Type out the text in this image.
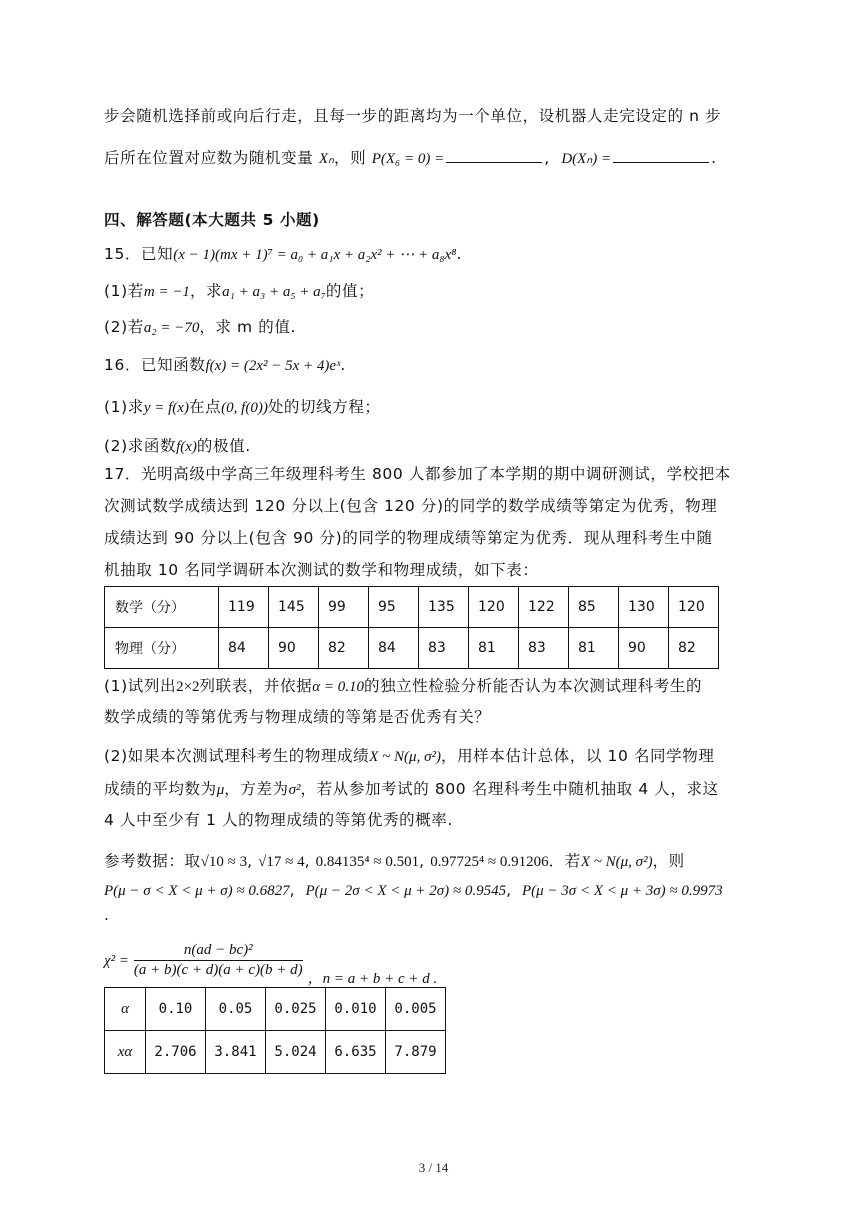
步会随机选择前或向后行走，且每一步的距离均为一个单位，设机器人走完设定的 n 步
后所在位置对应数为随机变量 Xₙ，则 P(X₆ = 0) =	, D(Xₙ) =	.
四、解答题(本大题共 5 小题)
15．已知(x − 1)(mx + 1)⁷ = a₀ + a₁x + a₂x² + ⋯ + a₈x⁸.
(1)若m = −1，求a₁ + a₃ + a₅ + a₇的值；
(2)若a₂ = −70，求 m 的值.
16．已知函数f(x) = (2x² − 5x + 4)eˣ.
(1)求y = f(x)在点(0, f(0))处的切线方程；
(2)求函数f(x)的极值.
17．光明高级中学高三年级理科考生 800 人都参加了本学期的期中调研测试，学校把本
次测试数学成绩达到 120 分以上(包含 120 分)的同学的数学成绩等第定为优秀，物理
成绩达到 90 分以上(包含 90 分)的同学的物理成绩等第定为优秀．现从理科考生中随
机抽取 10 名同学调研本次测试的数学和物理成绩，如下表：
数学（分）	119	145	99	95	135	120	122	85	130	120
物理（分）	84	90	82	84	83	81	83	81	90	82
(1)试列出2×2列联表，并依据α = 0.10的独立性检验分析能否认为本次测试理科考生的
数学成绩的等第优秀与物理成绩的等第是否优秀有关？
(2)如果本次测试理科考生的物理成绩X ~ N(μ, σ²)，用样本估计总体，以 10 名同学物理
成绩的平均数为μ，方差为σ²，若从参加考试的 800 名理科考生中随机抽取 4 人，求这
4 人中至少有 1 人的物理成绩的等第优秀的概率.
参考数据：取√10 ≈ 3, √17 ≈ 4, 0.84135⁴ ≈ 0.501, 0.97725⁴ ≈ 0.91206．若X ~ N(μ, σ²)，则
P(μ − σ < X < μ + σ) ≈ 0.6827, P(μ − 2σ < X < μ + 2σ) ≈ 0.9545, P(μ − 3σ < X < μ + 3σ) ≈ 0.9973
.
$\chi^2 = \frac{\text{n(ad − bc)²}}{(a + b)(c + d)(a + c)(b + d)}$ ，n = a + b + c + d .
α	0.10	0.05	0.025	0.010	0.005
xα	2.706	3.841	5.024	6.635	7.879
3 / 14
